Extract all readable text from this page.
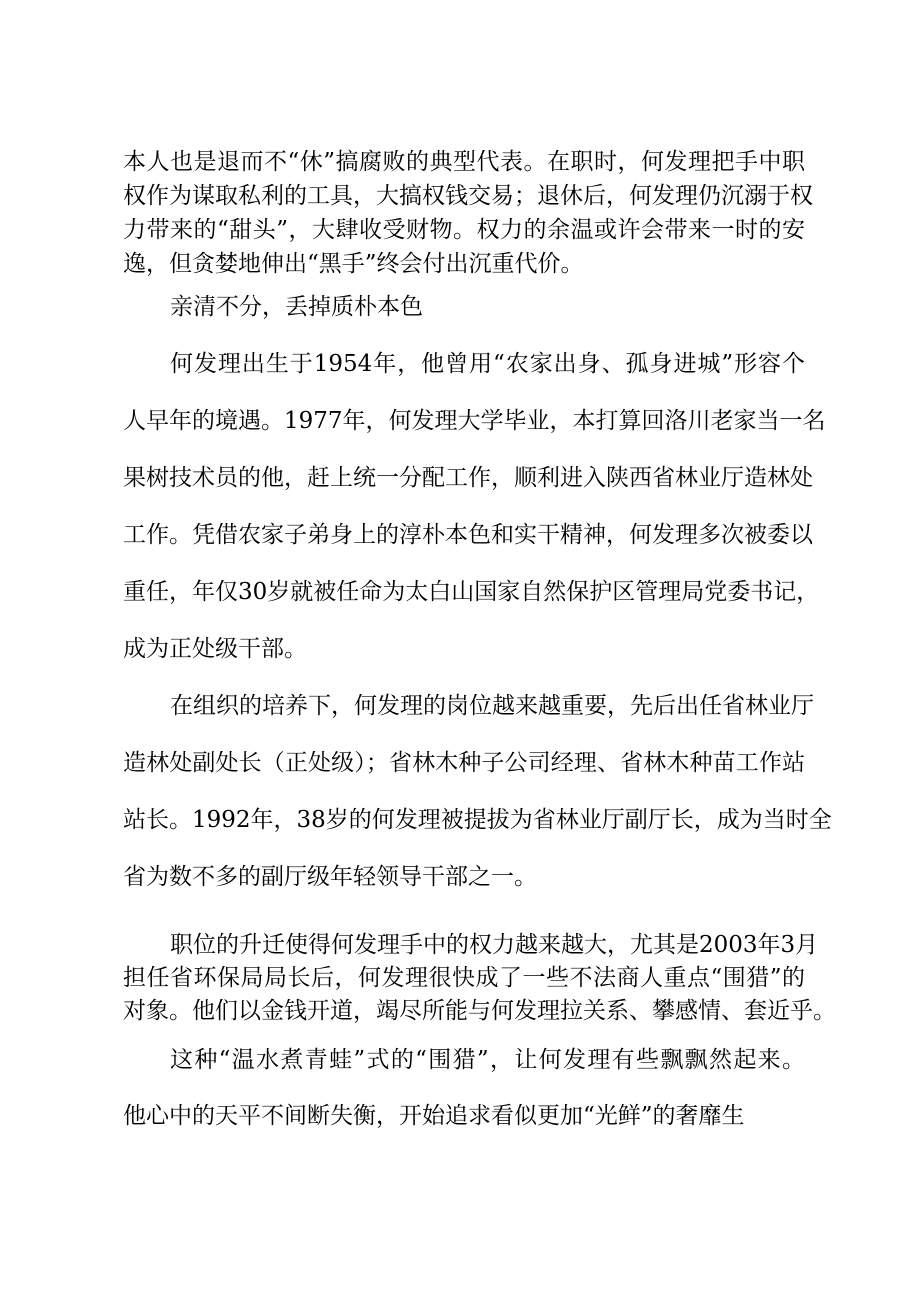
本人也是退而不“休”搞腐败的典型代表。在职时，何发理把手中职
权作为谋取私利的工具，大搞权钱交易；退休后，何发理仍沉溺于权
力带来的“甜头”，大肆收受财物。权力的余温或许会带来一时的安
逸，但贪婪地伸出“黑手”终会付出沉重代价。
亲清不分，丢掉质朴本色
何发理出生于1954年，他曾用“农家出身、孤身进城”形容个
人早年的境遇。1977年，何发理大学毕业，本打算回洛川老家当一名
果树技术员的他，赶上统一分配工作，顺利进入陕西省林业厅造林处
工作。凭借农家子弟身上的淳朴本色和实干精神，何发理多次被委以
重任，年仅30岁就被任命为太白山国家自然保护区管理局党委书记，
成为正处级干部。
在组织的培养下，何发理的岗位越来越重要，先后出任省林业厅
造林处副处长（正处级）；省林木种子公司经理、省林木种苗工作站
站长。1992年，38岁的何发理被提拔为省林业厅副厅长，成为当时全
省为数不多的副厅级年轻领导干部之一。
职位的升迁使得何发理手中的权力越来越大，尤其是2003年3月
担任省环保局局长后，何发理很快成了一些不法商人重点“围猎”的
对象。他们以金钱开道，竭尽所能与何发理拉关系、攀感情、套近乎。
这种“温水煮青蛙”式的“围猎”，让何发理有些飘飘然起来。
他心中的天平不间断失衡，开始追求看似更加“光鲜”的奢靡生
